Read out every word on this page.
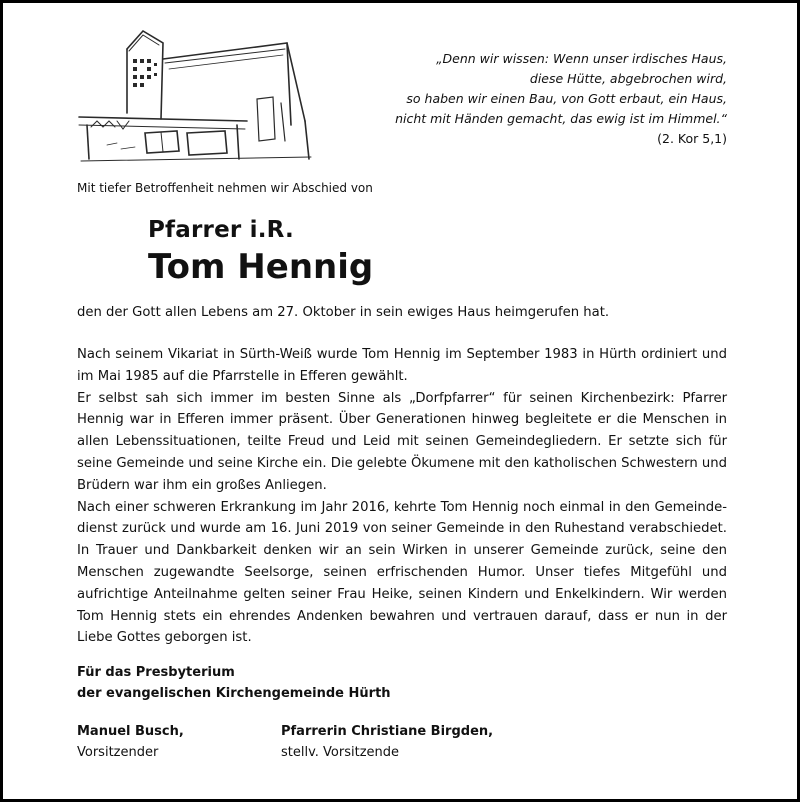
„Denn wir wissen: Wenn unser irdisches Haus,
diese Hütte, abgebrochen wird,
so haben wir einen Bau, von Gott erbaut, ein Haus,
nicht mit Händen gemacht, das ewig ist im Himmel.“
(2. Kor 5,1)
Mit tiefer Betroffenheit nehmen wir Abschied von
Pfarrer i.R.
Tom Hennig
den der Gott allen Lebens am 27. Oktober in sein ewiges Haus heimgerufen hat.
Nach seinem Vikariat in Sürth-Weiß wurde Tom Hennig im September 1983 in Hürth ordiniert und
im Mai 1985 auf die Pfarrstelle in Efferen gewählt.
Er selbst sah sich immer im besten Sinne als „Dorfpfarrer“ für seinen Kirchenbezirk: Pfarrer
Hennig war in Efferen immer präsent. Über Generationen hinweg begleitete er die Menschen in
allen Lebenssituationen, teilte Freud und Leid mit seinen Gemeindegliedern. Er setzte sich für
seine Gemeinde und seine Kirche ein. Die gelebte Ökumene mit den katholischen Schwestern und
Brüdern war ihm ein großes Anliegen.
Nach einer schweren Erkrankung im Jahr 2016, kehrte Tom Hennig noch einmal in den Gemeinde-
dienst zurück und wurde am 16. Juni 2019 von seiner Gemeinde in den Ruhestand verabschiedet.
In Trauer und Dankbarkeit denken wir an sein Wirken in unserer Gemeinde zurück, seine den
Menschen zugewandte Seelsorge, seinen erfrischenden Humor. Unser tiefes Mitgefühl und
aufrichtige Anteilnahme gelten seiner Frau Heike, seinen Kindern und Enkelkindern. Wir werden
Tom Hennig stets ein ehrendes Andenken bewahren und vertrauen darauf, dass er nun in der
Liebe Gottes geborgen ist.
Für das Presbyterium
der evangelischen Kirchengemeinde Hürth
Manuel Busch,
Vorsitzender
Pfarrerin Christiane Birgden,
stellv. Vorsitzende
